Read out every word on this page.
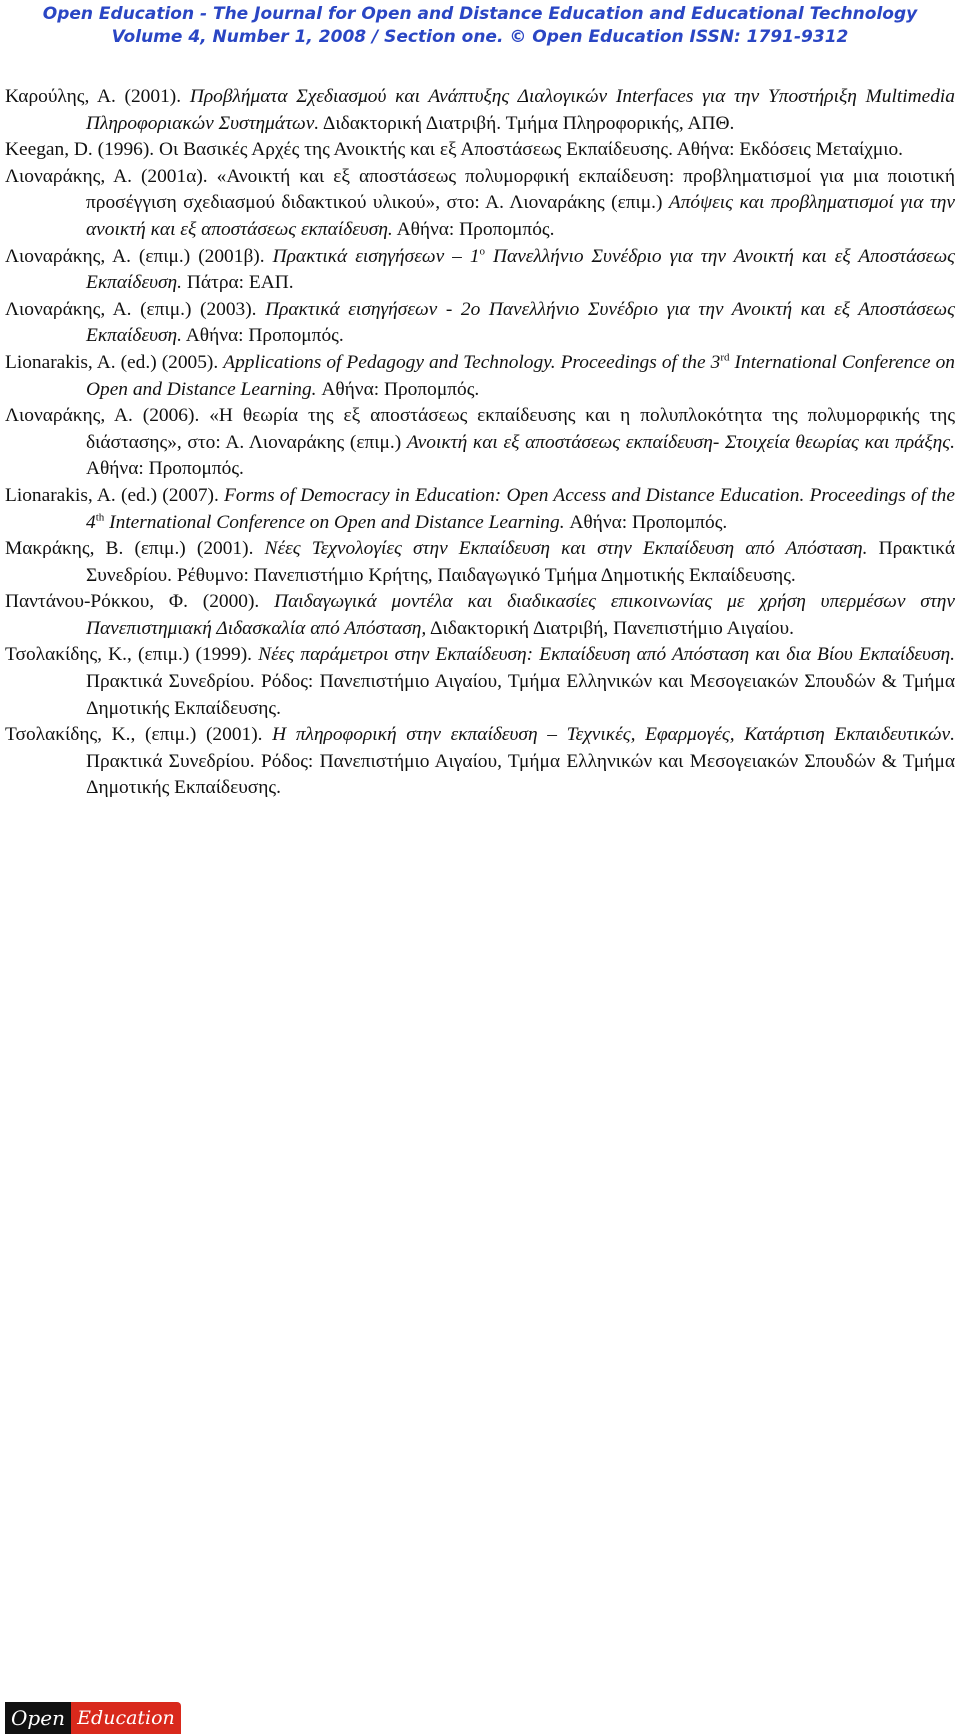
Open Education - The Journal for Open and Distance Education and Educational Technology
Volume 4, Number 1, 2008 / Section one. © Open Education ISSN: 1791-9312
Καρούλης, Α. (2001). Προβλήματα Σχεδιασμού και Ανάπτυξης Διαλογικών Interfaces για την Υποστήριξη Multimedia Πληροφοριακών Συστημάτων. Διδακτορική Διατριβή. Τμήμα Πληροφορικής, ΑΠΘ.
Keegan, D. (1996). Οι Βασικές Αρχές της Ανοικτής και εξ Αποστάσεως Εκπαίδευσης. Αθήνα: Εκδόσεις Μεταίχμιο.
Λιοναράκης, Α. (2001α). «Ανοικτή και εξ αποστάσεως πολυμορφική εκπαίδευση: προβληματισμοί για μια ποιοτική προσέγγιση σχεδιασμού διδακτικού υλικού», στο: Α. Λιοναράκης (επιμ.) Απόψεις και προβληματισμοί για την ανοικτή και εξ αποστάσεως εκπαίδευση. Αθήνα: Προπομπός.
Λιοναράκης, Α. (επιμ.) (2001β). Πρακτικά εισηγήσεων – $1^o$ Πανελλήνιο Συνέδριο για την Ανοικτή και εξ Αποστάσεως Εκπαίδευση. Πάτρα: ΕΑΠ.
Λιοναράκης, Α. (επιμ.) (2003). Πρακτικά εισηγήσεων - 2ο Πανελλήνιο Συνέδριο για την Ανοικτή και εξ Αποστάσεως Εκπαίδευση. Αθήνα: Προπομπός.
Lionarakis, A. (ed.) (2005). Applications of Pedagogy and Technology. Proceedings of the 3rd International Conference on Open and Distance Learning. Αθήνα: Προπομπός.
Λιοναράκης, Α. (2006). «Η θεωρία της εξ αποστάσεως εκπαίδευσης και η πολυπλοκότητα της πολυμορφικής της διάστασης», στο: Α. Λιοναράκης (επιμ.) Ανοικτή και εξ αποστάσεως εκπαίδευση- Στοιχεία θεωρίας και πράξης. Αθήνα: Προπομπός.
Lionarakis, A. (ed.) (2007). Forms of Democracy in Education: Open Access and Distance Education. Proceedings of the 4th International Conference on Open and Distance Learning. Αθήνα: Προπομπός.
Μακράκης, Β. (επιμ.) (2001). Νέες Τεχνολογίες στην Εκπαίδευση και στην Εκπαίδευση από Απόσταση. Πρακτικά Συνεδρίου. Ρέθυμνο: Πανεπιστήμιο Κρήτης, Παιδαγωγικό Τμήμα Δημοτικής Εκπαίδευσης.
Παντάνου-Ρόκκου, Φ. (2000). Παιδαγωγικά μοντέλα και διαδικασίες επικοινωνίας με χρήση υπερμέσων στην Πανεπιστημιακή Διδασκαλία από Απόσταση, Διδακτορική Διατριβή, Πανεπιστήμιο Αιγαίου.
Τσολακίδης, Κ., (επιμ.) (1999). Νέες παράμετροι στην Εκπαίδευση: Εκπαίδευση από Απόσταση και δια Βίου Εκπαίδευση. Πρακτικά Συνεδρίου. Ρόδος: Πανεπιστήμιο Αιγαίου, Τμήμα Ελληνικών και Μεσογειακών Σπουδών & Τμήμα Δημοτικής Εκπαίδευσης.
Τσολακίδης, Κ., (επιμ.) (2001). Η πληροφορική στην εκπαίδευση – Τεχνικές, Εφαρμογές, Κατάρτιση Εκπαιδευτικών. Πρακτικά Συνεδρίου. Ρόδος: Πανεπιστήμιο Αιγαίου, Τμήμα Ελληνικών και Μεσογειακών Σπουδών & Τμήμα Δημοτικής Εκπαίδευσης.
Open Education
